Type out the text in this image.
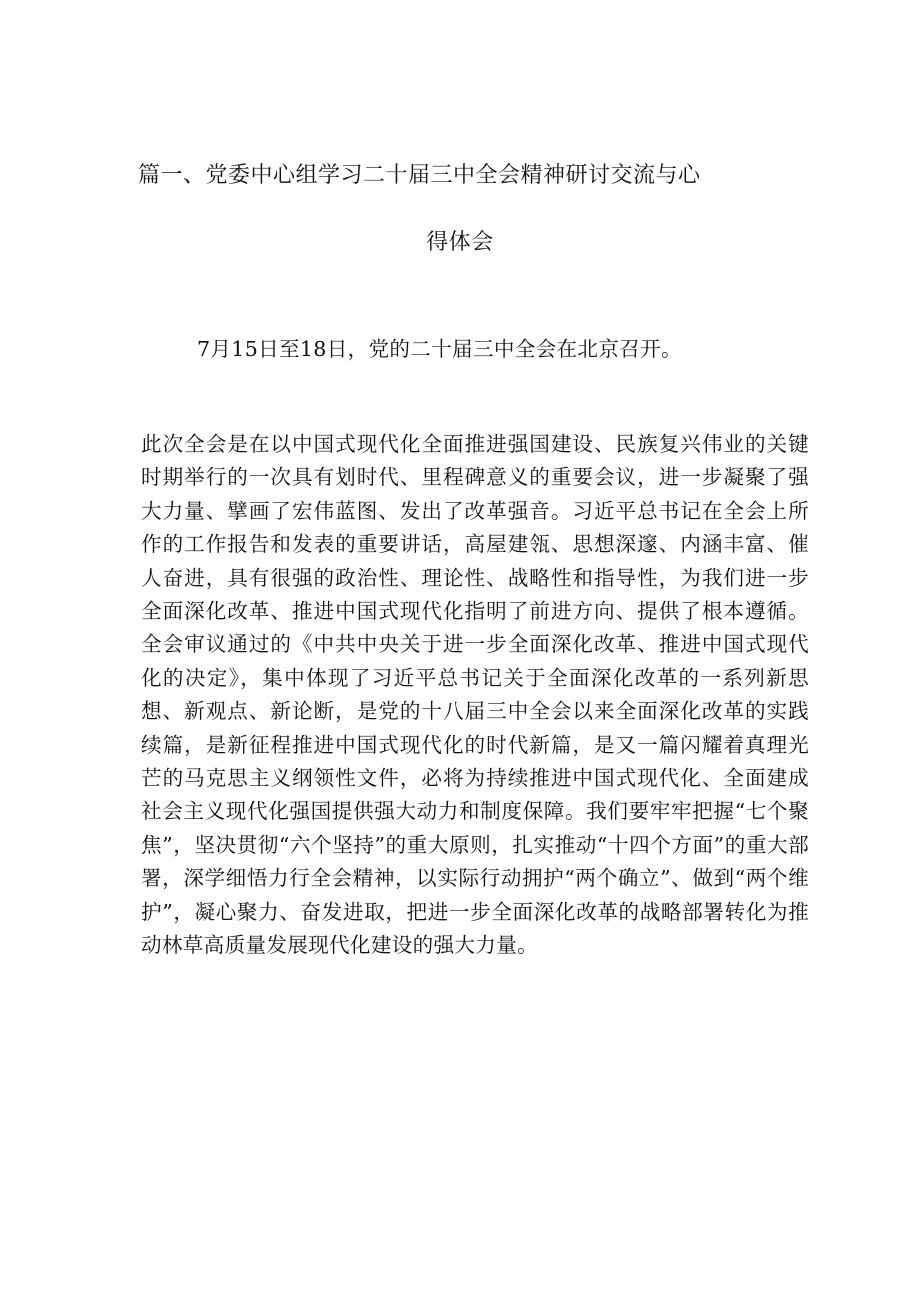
篇一、党委中心组学习二十届三中全会精神研讨交流与心
得体会
7月15日至18日，党的二十届三中全会在北京召开。
此次全会是在以中国式现代化全面推进强国建设、民族复兴伟业的关键时期举行的一次具有划时代、里程碑意义的重要会议，进一步凝聚了强大力量、擘画了宏伟蓝图、发出了改革强音。习近平总书记在全会上所作的工作报告和发表的重要讲话，高屋建瓴、思想深邃、内涵丰富、催人奋进，具有很强的政治性、理论性、战略性和指导性，为我们进一步全面深化改革、推进中国式现代化指明了前进方向、提供了根本遵循。全会审议通过的《中共中央关于进一步全面深化改革、推进中国式现代化的决定》，集中体现了习近平总书记关于全面深化改革的一系列新思想、新观点、新论断，是党的十八届三中全会以来全面深化改革的实践续篇，是新征程推进中国式现代化的时代新篇，是又一篇闪耀着真理光芒的马克思主义纲领性文件，必将为持续推进中国式现代化、全面建成社会主义现代化强国提供强大动力和制度保障。我们要牢牢把握“七个聚焦”，坚决贯彻“六个坚持”的重大原则，扎实推动“十四个方面”的重大部署，深学细悟力行全会精神，以实际行动拥护“两个确立”、做到“两个维护”，凝心聚力、奋发进取，把进一步全面深化改革的战略部署转化为推动林草高质量发展现代化建设的强大力量。
